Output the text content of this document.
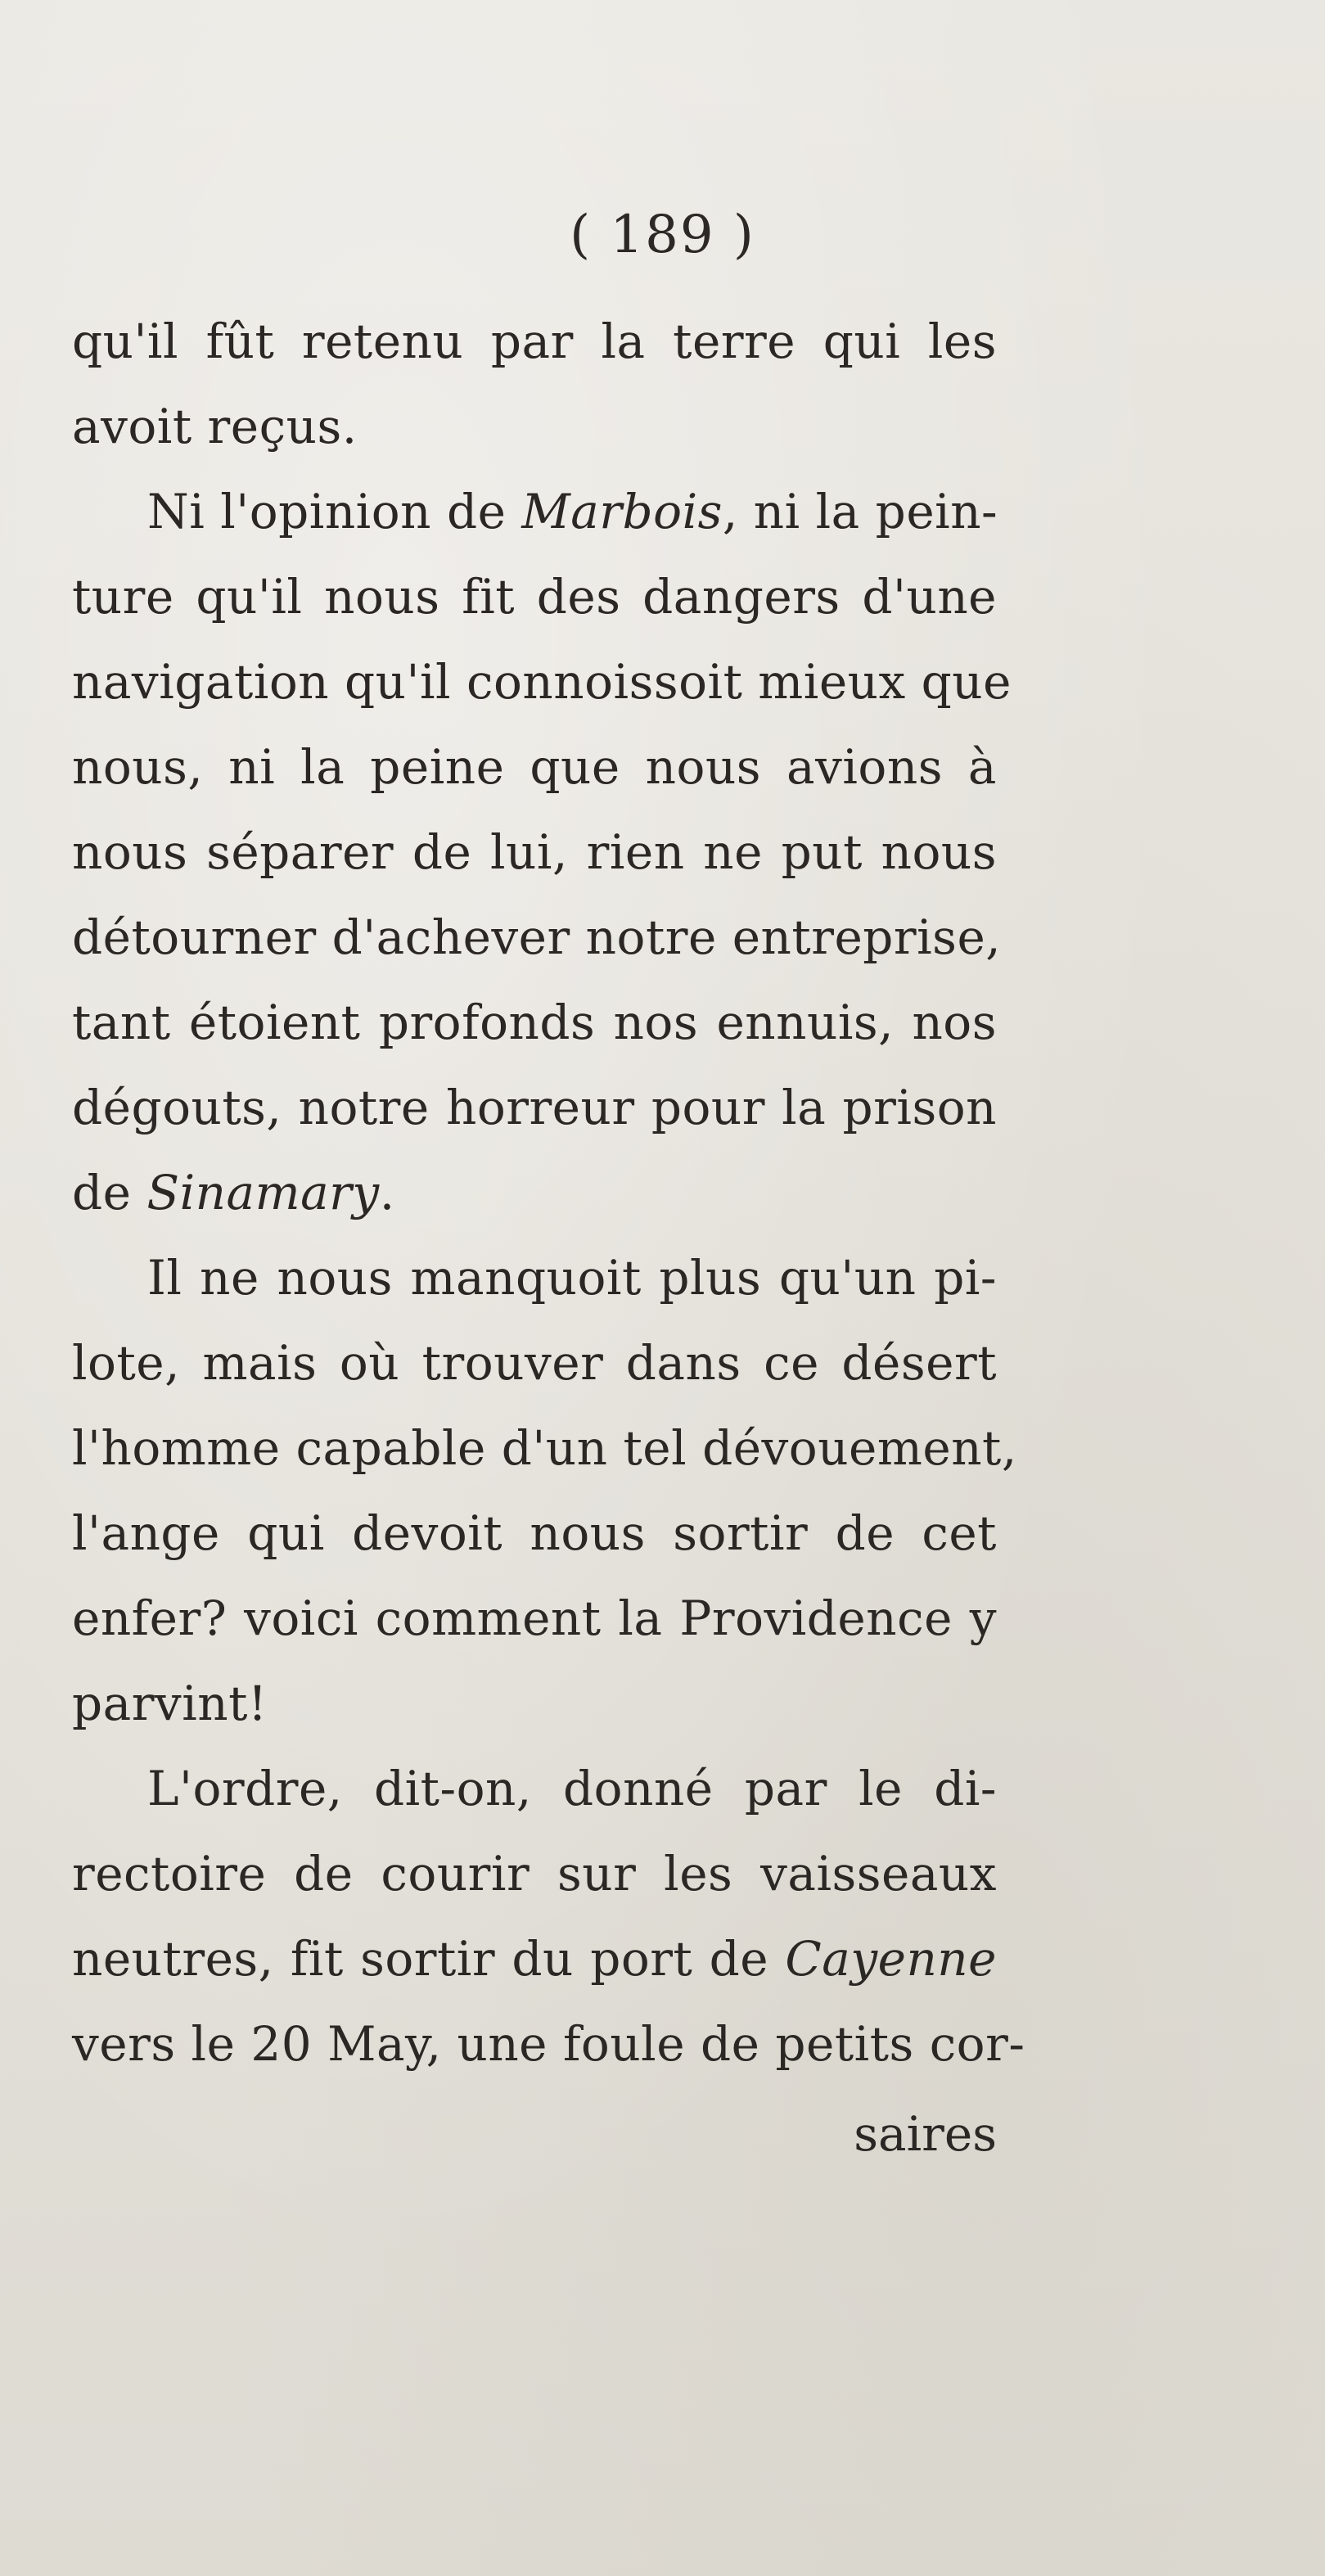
( 189 )
qu'il fût retenu par la terre qui les
avoit reçus.
Ni l'opinion de Marbois, ni la pein-
ture qu'il nous fit des dangers d'une
navigation qu'il connoissoit mieux que
nous, ni la peine que nous avions à
nous séparer de lui, rien ne put nous
détourner d'achever notre entreprise,
tant étoient profonds nos ennuis, nos
dégouts, notre horreur pour la prison
de Sinamary.
Il ne nous manquoit plus qu'un pi-
lote, mais où trouver dans ce désert
l'homme capable d'un tel dévouement,
l'ange qui devoit nous sortir de cet
enfer? voici comment la Providence y
parvint!
L'ordre, dit-on, donné par le di-
rectoire de courir sur les vaisseaux
neutres, fit sortir du port de Cayenne
vers le 20 May, une foule de petits cor-
saires
